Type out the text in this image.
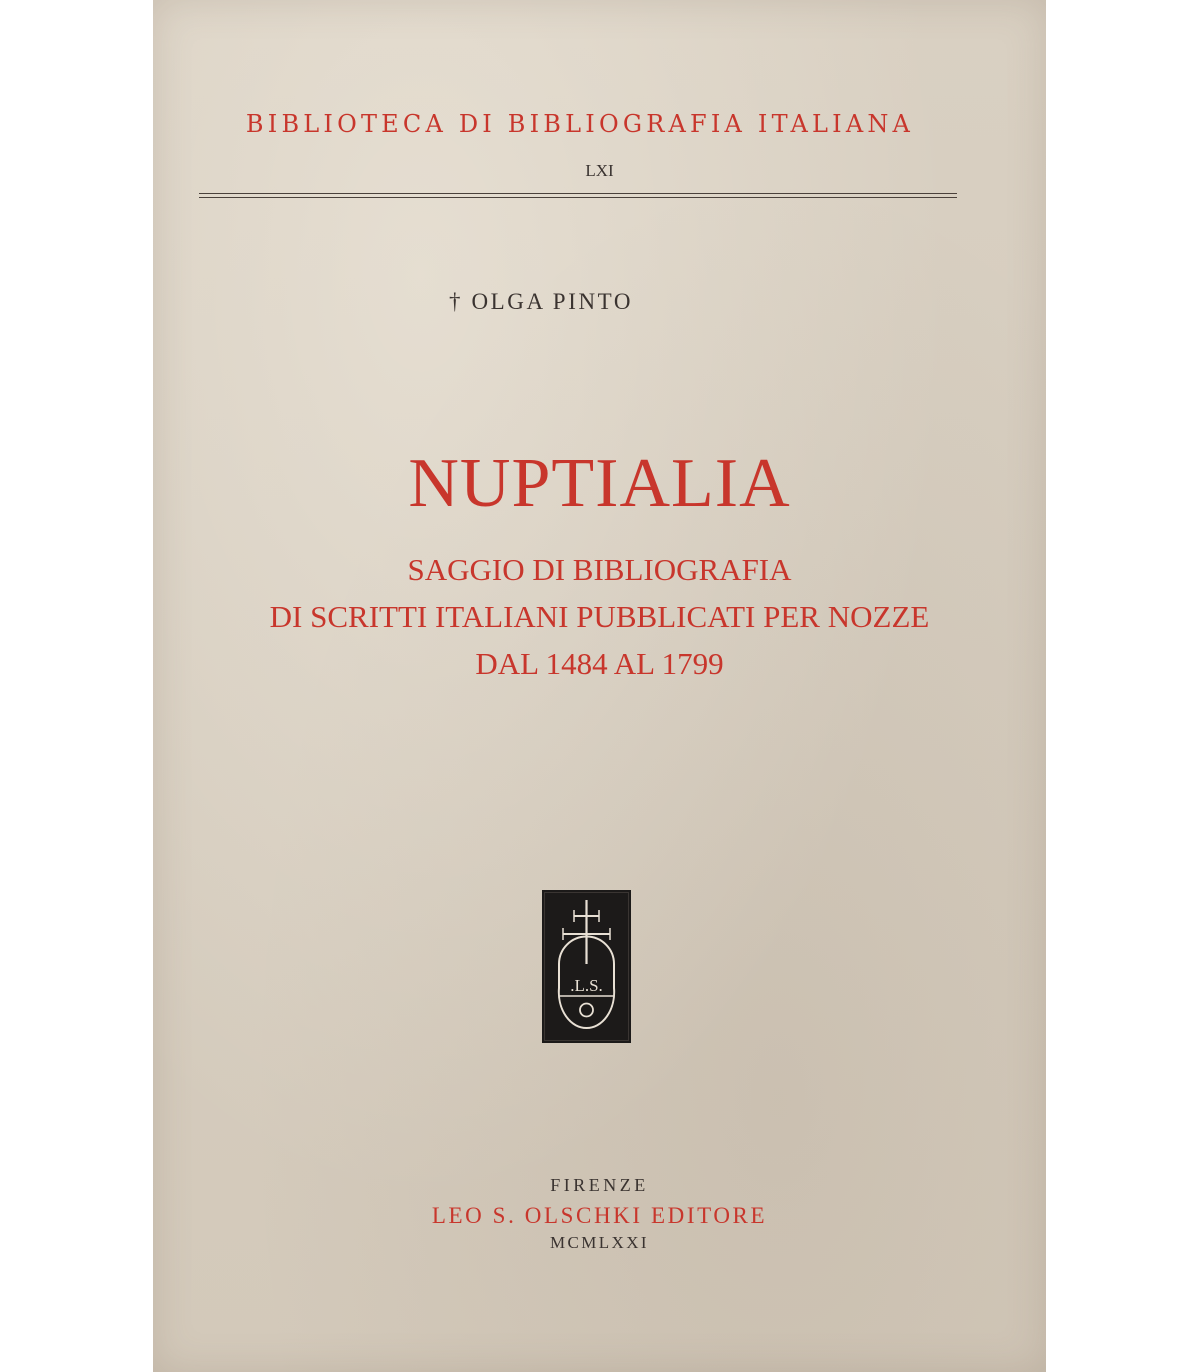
BIBLIOTECA DI BIBLIOGRAFIA ITALIANA
LXI
† OLGA PINTO
NUPTIALIA
SAGGIO DI BIBLIOGRAFIA
DI SCRITTI ITALIANI PUBBLICATI PER NOZZE
DAL 1484 AL 1799
.L.S.
FIRENZE
LEO S. OLSCHKI EDITORE
MCMLXXI
